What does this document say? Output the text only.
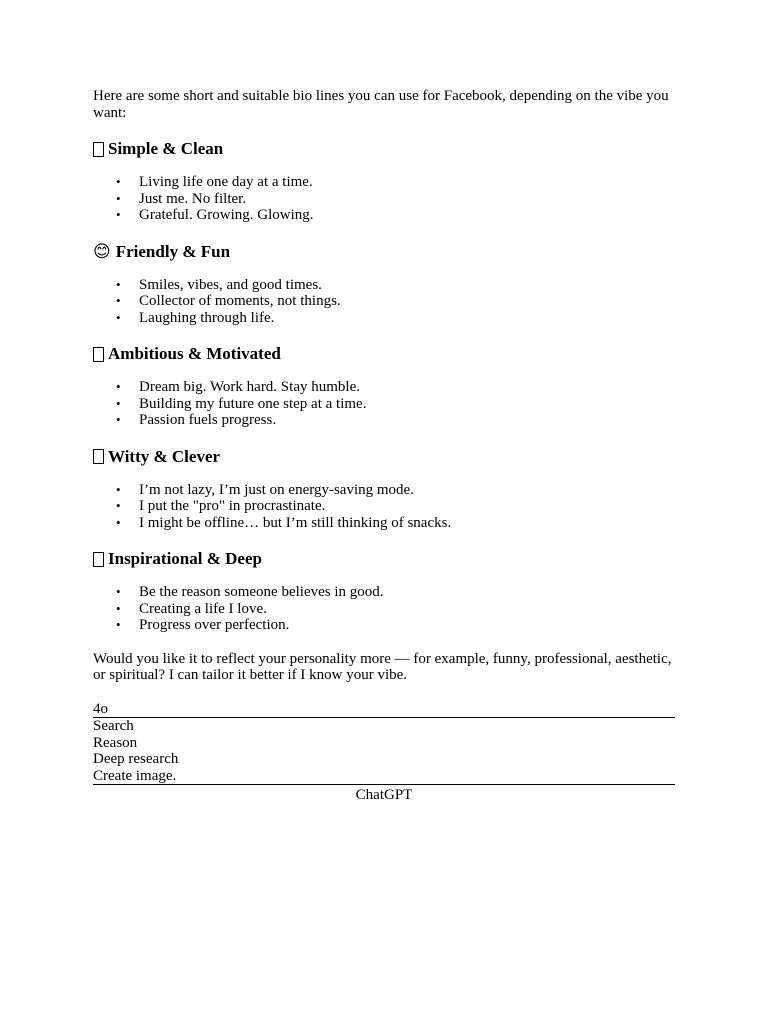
Here are some short and suitable bio lines you can use for Facebook, depending on the vibe you want:

Simple & Clean
• Living life one day at a time.
• Just me. No filter.
• Grateful. Growing. Glowing.
😊 Friendly & Fun
• Smiles, vibes, and good times.
• Collector of moments, not things.
• Laughing through life.
Ambitious & Motivated
• Dream big. Work hard. Stay humble.
• Building my future one step at a time.
• Passion fuels progress.
Witty & Clever
• I’m not lazy, I’m just on energy-saving mode.
• I put the "pro" in procrastinate.
• I might be offline… but I’m still thinking of snacks.
Inspirational & Deep
• Be the reason someone believes in good.
• Creating a life I love.
• Progress over perfection.

Would you like it to reflect your personality more — for example, funny, professional, aesthetic, or spiritual? I can tailor it better if I know your vibe.

4o
Search
Reason
Deep research
Create image.
ChatGPT
